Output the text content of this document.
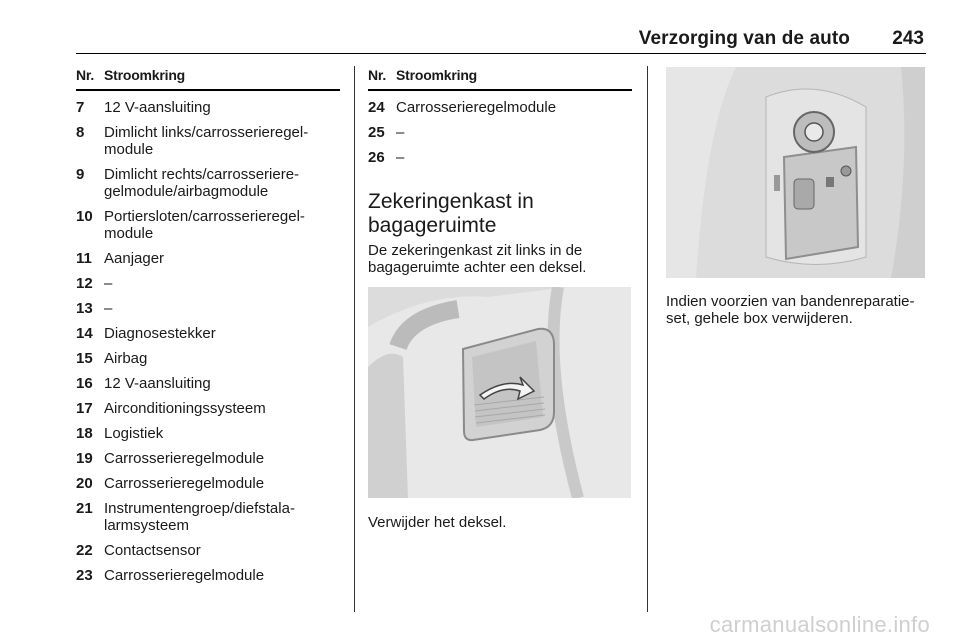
Verzorging van de auto 243
Nr. Stroomkring
7	12 V-aansluiting
8	Dimlicht links/carrosserieregel-
module
9	Dimlicht rechts/carrosseriere-
gelmodule/airbagmodule
10 Portiersloten/carrosserieregel-
module
11 Aanjager
12 –
13 –
14 Diagnosestekker
15 Airbag
16 12 V-aansluiting
17 Airconditioningssysteem
18 Logistiek
19 Carrosserieregelmodule
20 Carrosserieregelmodule
21 Instrumentengroep/diefstala-
larmsysteem
22 Contactsensor
23 Carrosserieregelmodule
Nr. Stroomkring
24 Carrosserieregelmodule
25 –
26 –
Zekeringenkast in bagageruimte
De zekeringenkast zit links in de bagageruimte achter een deksel.
Verwijder het deksel.
Indien voorzien van bandenreparatie-set, gehele box verwijderen.
carmanualsonline.info
